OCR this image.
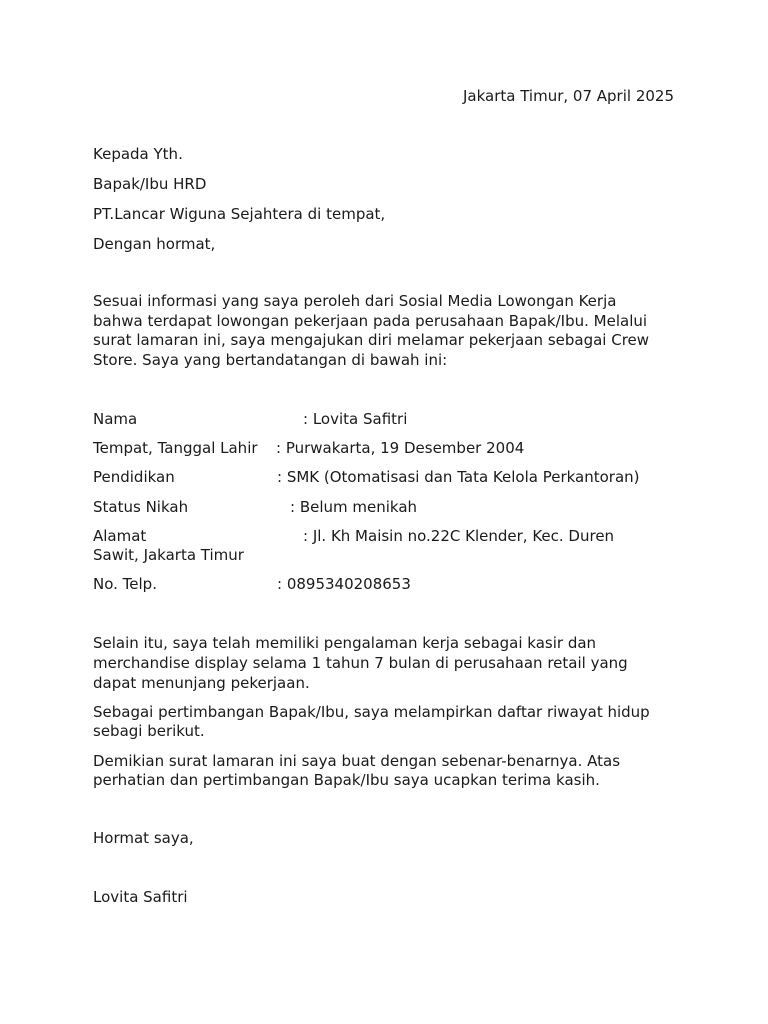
Jakarta Timur, 07 April 2025

Kepada Yth.

Bapak/Ibu HRD

PT.Lancar Wiguna Sejahtera di tempat,

Dengan hormat,

Sesuai informasi yang saya peroleh dari Sosial Media Lowongan Kerja

bahwa terdapat lowongan pekerjaan pada perusahaan Bapak/Ibu. Melalui

surat lamaran ini, saya mengajukan diri melamar pekerjaan sebagai Crew

Store. Saya yang bertandatangan di bawah ini:

Nama	: Lovita Safitri
Tempat, Tanggal Lahir : Purwakarta, 19 Desember 2004
Pendidikan	: SMK (Otomatisasi dan Tata Kelola Perkantoran)
Status Nikah	: Belum menikah
Alamat	: Jl. Kh Maisin no.22C Klender, Kec. Duren

Sawit, Jakarta Timur

No. Telp.	: 0895340208653

Selain itu, saya telah memiliki pengalaman kerja sebagai kasir dan

merchandise display selama 1 tahun 7 bulan di perusahaan retail yang

dapat menunjang pekerjaan.

Sebagai pertimbangan Bapak/Ibu, saya melampirkan daftar riwayat hidup

sebagi berikut.

Demikian surat lamaran ini saya buat dengan sebenar-benarnya. Atas

perhatian dan pertimbangan Bapak/Ibu saya ucapkan terima kasih.

Hormat saya,

Lovita Safitri
